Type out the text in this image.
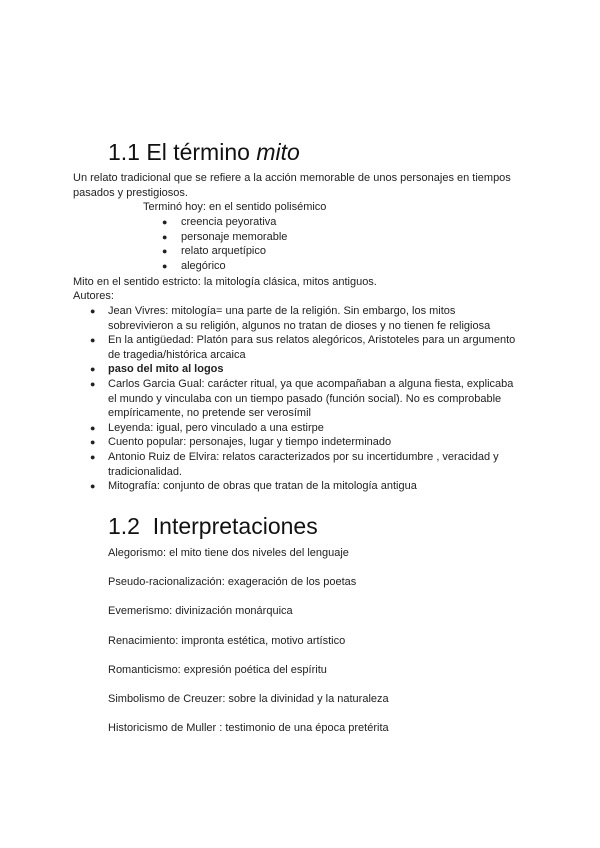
1.1 El término mito
Un relato tradicional que se refiere a la acción memorable de unos personajes en tiempos pasados y prestigiosos.
Terminó hoy: en el sentido polisémico
● creencia peyorativa
● personaje memorable
● relato arquetípico
● alegórico
Mito en el sentido estricto: la mitología clásica, mitos antiguos.
Autores:
● Jean Vivres: mitología= una parte de la religión. Sin embargo, los mitos sobrevivieron a su religión, algunos no tratan de dioses y no tienen fe religiosa
● En la antigüedad: Platón para sus relatos alegóricos, Aristoteles para un argumento de tragedia/histórica arcaica
● paso del mito al logos
● Carlos Garcia Gual: carácter ritual, ya que acompañaban a alguna fiesta, explicaba el mundo y vinculaba con un tiempo pasado (función social). No es comprobable empíricamente, no pretende ser verosímil
● Leyenda: igual, pero vinculado a una estirpe
● Cuento popular: personajes, lugar y tiempo indeterminado
● Antonio Ruiz de Elvira: relatos caracterizados por su incertidumbre , veracidad y tradicionalidad.
● Mitografía: conjunto de obras que tratan de la mitología antigua
1.2 Interpretaciones
Alegorismo: el mito tiene dos niveles del lenguaje
Pseudo-racionalización: exageración de los poetas
Evemerismo: divinización monárquica
Renacimiento: impronta estética, motivo artístico
Romanticismo: expresión poética del espíritu
Simbolismo de Creuzer: sobre la divinidad y la naturaleza
Historicismo de Muller : testimonio de una época pretérita
